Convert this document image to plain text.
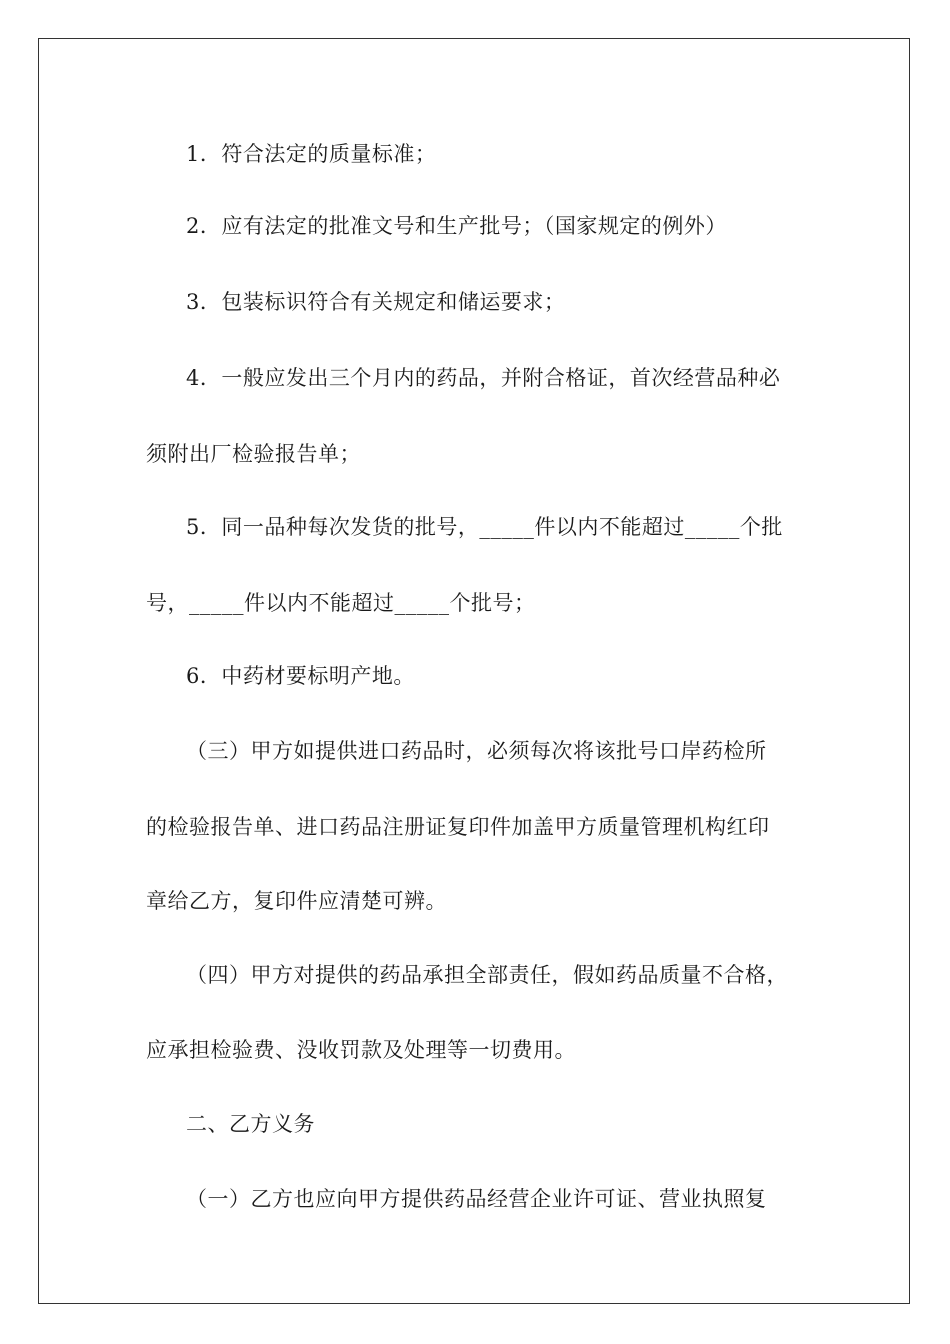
1．符合法定的质量标准；
2．应有法定的批准文号和生产批号；（国家规定的例外）
3．包装标识符合有关规定和储运要求；
4．一般应发出三个月内的药品，并附合格证，首次经营品种必
须附出厂检验报告单；
5．同一品种每次发货的批号，_____件以内不能超过_____个批
号，_____件以内不能超过_____个批号；
6．中药材要标明产地。
（三）甲方如提供进口药品时，必须每次将该批号口岸药检所
的检验报告单、进口药品注册证复印件加盖甲方质量管理机构红印
章给乙方，复印件应清楚可辨。
（四）甲方对提供的药品承担全部责任，假如药品质量不合格，
应承担检验费、没收罚款及处理等一切费用。
二、乙方义务
（一）乙方也应向甲方提供药品经营企业许可证、营业执照复
